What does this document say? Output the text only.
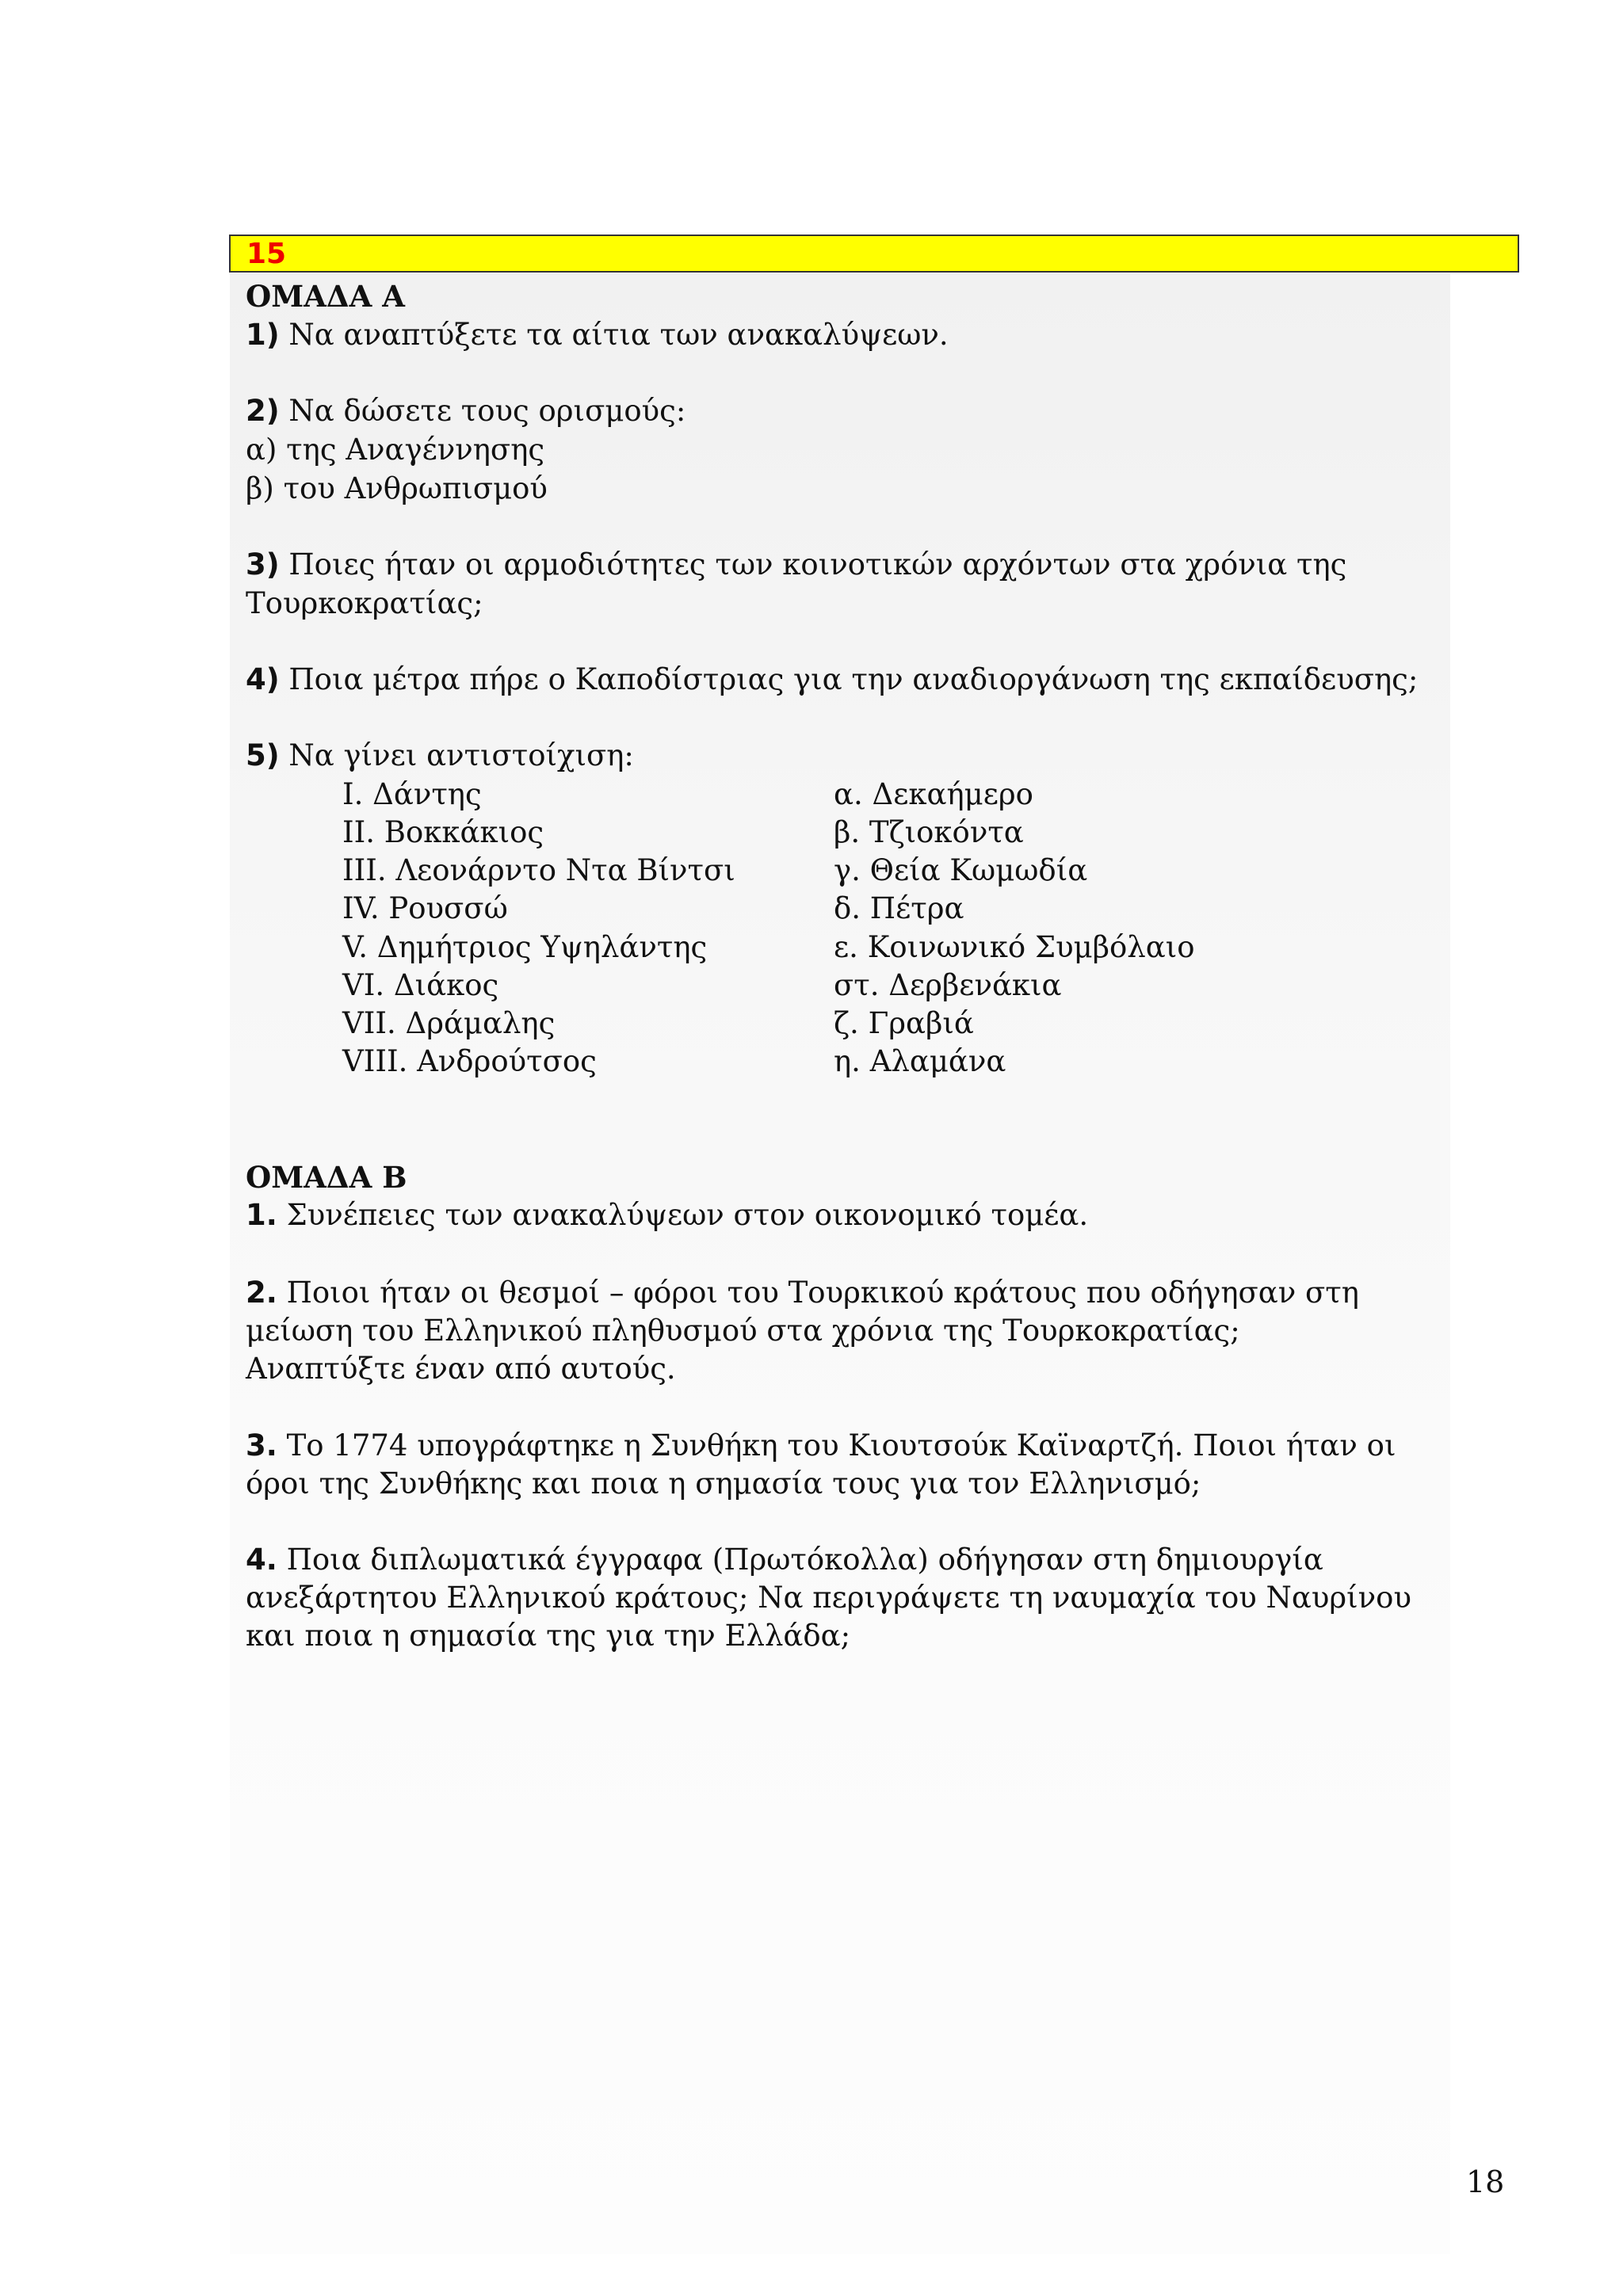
15
ΟΜΑΔΑ Α
1) Να αναπτύξετε τα αίτια των ανακαλύψεων.
2) Να δώσετε τους ορισμούς:
α) της Αναγέννησης
β) του Ανθρωπισμού
3) Ποιες ήταν οι αρμοδιότητες των κοινοτικών αρχόντων στα χρόνια της
Τουρκοκρατίας;
4) Ποια μέτρα πήρε ο Καποδίστριας για την αναδιοργάνωση της εκπαίδευσης;
5) Να γίνει αντιστοίχιση:
I. Δάντης	α. Δεκαήμερο
II. Βοκκάκιος	β. Τζιοκόντα
III. Λεονάρντο Ντα Βίντσι	γ. Θεία Κωμωδία
IV. Ρουσσώ	δ. Πέτρα
V. Δημήτριος Υψηλάντης	ε. Κοινωνικό Συμβόλαιο
VI. Διάκος	στ. Δερβενάκια
VII. Δράμαλης	ζ. Γραβιά
VIII. Ανδρούτσος	η. Αλαμάνα
ΟΜΑΔΑ Β
1. Συνέπειες των ανακαλύψεων στον οικονομικό τομέα.
2. Ποιοι ήταν οι θεσμοί – φόροι του Τουρκικού κράτους που οδήγησαν στη
μείωση του Ελληνικού πληθυσμού στα χρόνια της Τουρκοκρατίας;
Αναπτύξτε έναν από αυτούς.
3. Το 1774 υπογράφτηκε η Συνθήκη του Κιουτσούκ Καϊναρτζή. Ποιοι ήταν οι
όροι της Συνθήκης και ποια η σημασία τους για τον Ελληνισμό;
4. Ποια διπλωματικά έγγραφα (Πρωτόκολλα) οδήγησαν στη δημιουργία
ανεξάρτητου Ελληνικού κράτους; Να περιγράψετε τη ναυμαχία του Ναυρίνου
και ποια η σημασία της για την Ελλάδα;
18
